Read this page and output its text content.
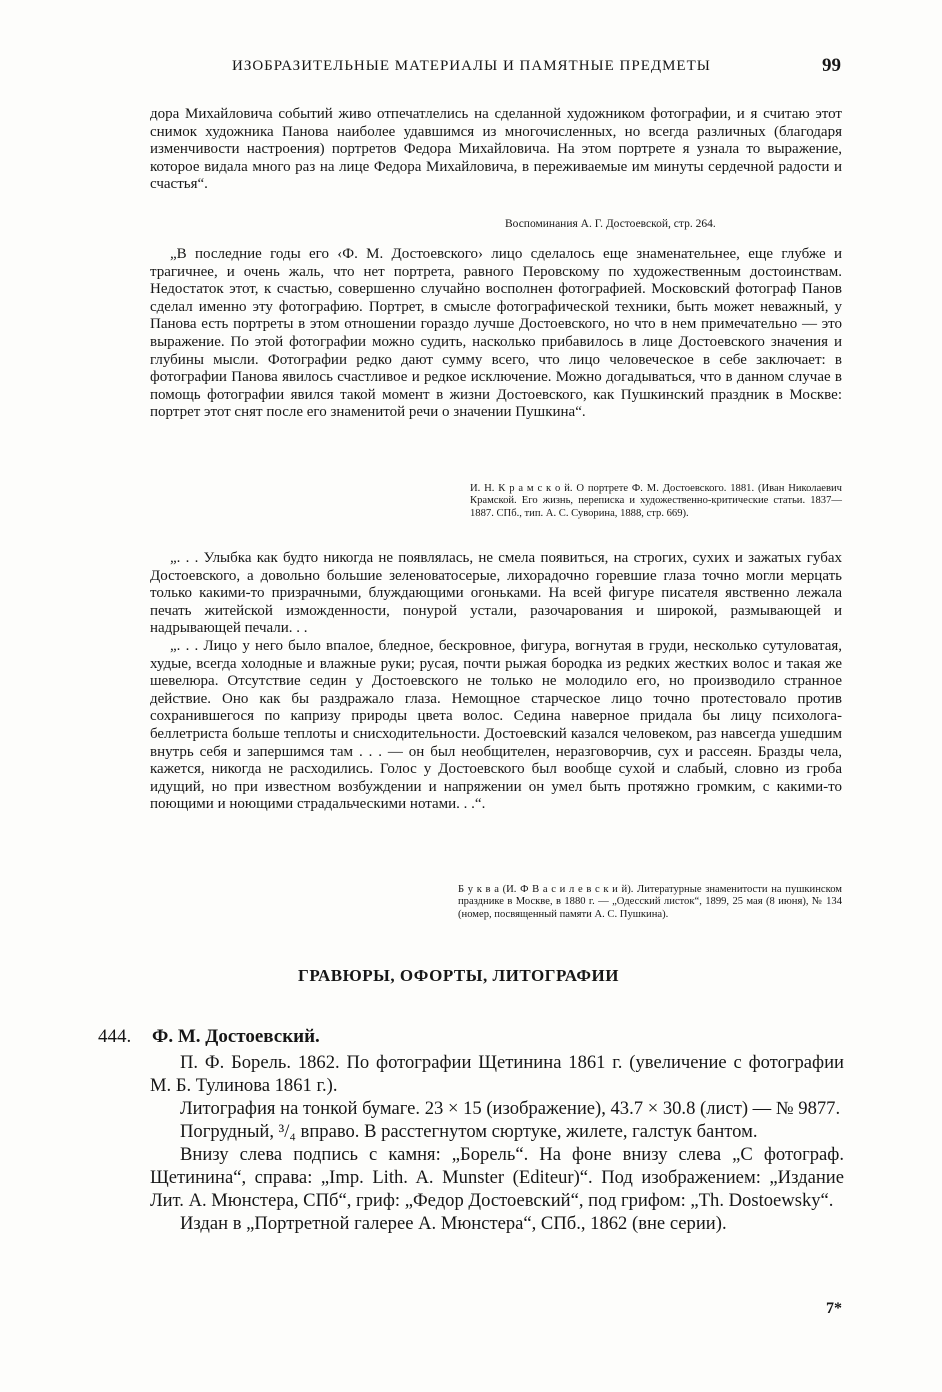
ИЗОБРАЗИТЕЛЬНЫЕ МАТЕРИАЛЫ И ПАМЯТНЫЕ ПРЕДМЕТЫ	99

дора Михайловича событий живо отпечатлелись на сделанной художником фотографии, и я считаю этот снимок художника Панова наиболее удавшимся из многочисленных, но всегда различных (благодаря изменчивости настроения) портретов Федора Михайловича. На этом портрете я узнала то выражение, которое видала много раз на лице Федора Михайловича, в переживаемые им минуты сердечной радости и счастья“.

Воспоминания А. Г. Достоевской, стр. 264.

„В последние годы его ‹Ф. М. Достоевского› лицо сделалось еще знаменательнее, еще глубже и трагичнее, и очень жаль, что нет портрета, равного Перовскому по художественным достоинствам. Недостаток этот, к счастью, совершенно случайно восполнен фотографией. Московский фотограф Панов сделал именно эту фотографию. Портрет, в смысле фотографической техники, быть может неважный, у Панова есть портреты в этом отношении гораздо лучше Достоевского, но что в нем примечательно — это выражение. По этой фотографии можно судить, насколько прибавилось в лице Достоевского значения и глубины мысли. Фотографии редко дают сумму всего, что лицо человеческое в себе заключает: в фотографии Панова явилось счастливое и редкое исключение. Можно догадываться, что в данном случае в помощь фотографии явился такой момент в жизни Достоевского, как Пушкинский праздник в Москве: портрет этот снят после его знаменитой речи о значении Пушкина“.

И. Н. К р а м с к о й. О портрете Ф. М. Достоевского. 1881. (Иван Николаевич Крамской. Его жизнь, переписка и художественно-критические статьи. 1837—1887. СПб., тип. А. С. Суворина, 1888, стр. 669).

„. . . Улыбка как будто никогда не появлялась, не смела появиться, на строгих, сухих и зажатых губах Достоевского, а довольно большие зеленоватосерые, лихорадочно горевшие глаза точно могли мерцать только какими-то призрачными, блуждающими огоньками. На всей фигуре писателя явственно лежала печать житейской изможденности, понурой устали, разочарования и широкой, размывающей и надрывающей печали. . .

„. . . Лицо у него было впалое, бледное, бескровное, фигура, вогнутая в груди, несколько сутуловатая, худые, всегда холодные и влажные руки; русая, почти рыжая бородка из редких жестких волос и такая же шевелюра. Отсутствие седин у Достоевского не только не молодило его, но производило странное действие. Оно как бы раздражало глаза. Немощное старческое лицо точно протестовало против сохранившегося по капризу природы цвета волос. Седина наверное придала бы лицу психолога-беллетриста больше теплоты и снисходительности. Достоевский казался человеком, раз навсегда ушедшим внутрь себя и запершимся там . . . — он был необщителен, неразговорчив, сух и рассеян. Бразды чела, кажется, никогда не расходились. Голос у Достоевского был вообще сухой и слабый, словно из гроба идущий, но при известном возбуждении и напряжении он умел быть протяжно громким, с какими-то поющими и ноющими страдальческими нотами. . .“.

Б у к в а (И. Ф В а с и л е в с к и й). Литературные знаменитости на пушкинском празднике в Москве, в 1880 г. — „Одесский листок“, 1899, 25 мая (8 июня), № 134 (номер, посвященный памяти А. С. Пушкина).

ГРАВЮРЫ, ОФОРТЫ, ЛИТОГРАФИИ
444. Ф. М. Достоевский.

П. Ф. Борель. 1862. По фотографии Щетинина 1861 г. (увеличение с фотографии М. Б. Тулинова 1861 г.).

Литография на тонкой бумаге. 23 × 15 (изображение), 43.7 × 30.8 (лист) — № 9877.

Погрудный, ³/₄ вправо. В расстегнутом сюртуке, жилете, галстук бантом.

Внизу слева подпись с камня: „Борель“. На фоне внизу слева „С фотограф. Щетинина“, справа: „Imp. Lith. A. Munster (Editeur)“. Под изображением: „Издание Лит. А. Мюнстера, СПб“, гриф: „Федор Достоевский“, под грифом: „Th. Dostoewsky“.

Издан в „Портретной галерее А. Мюнстера“, СПб., 1862 (вне серии).

7*
